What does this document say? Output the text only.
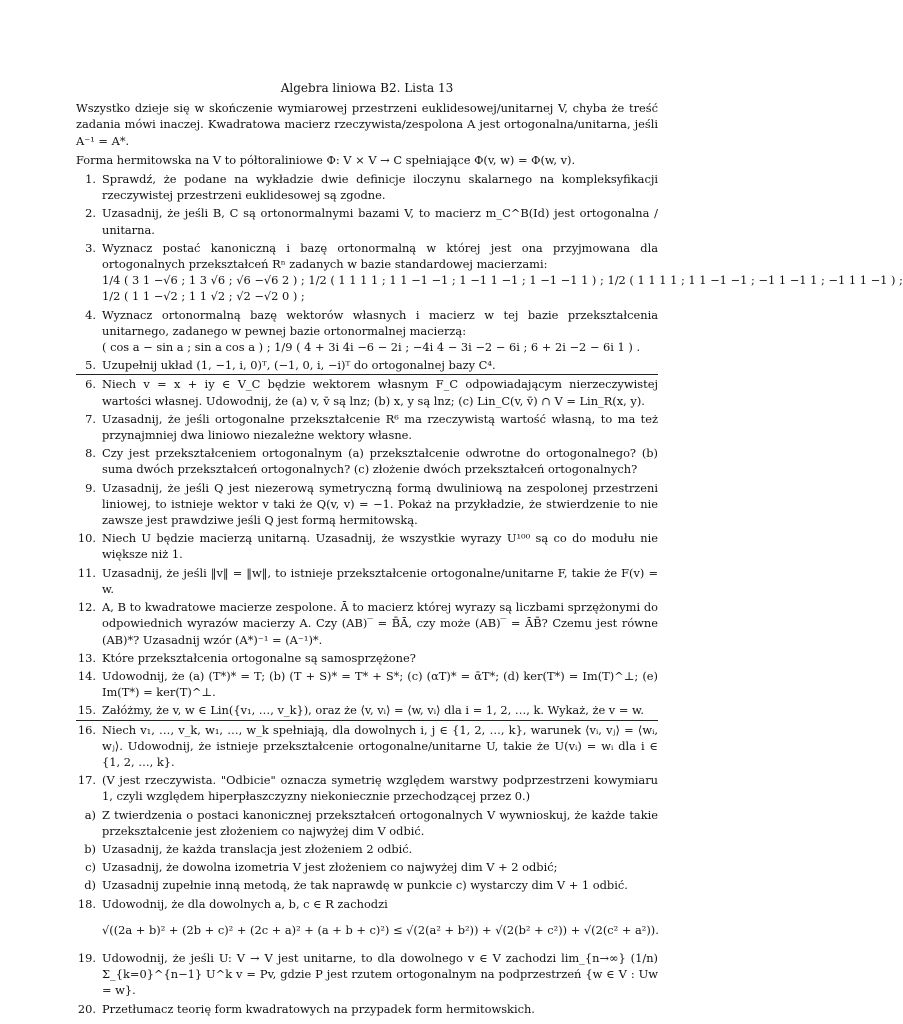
Algebra liniowa B2. Lista 13
Wszystko dzieje się w skończenie wymiarowej przestrzeni euklidesowej/unitarnej V, chyba że treść zadania mówi inaczej. Kwadratowa macierz rzeczywista/zespolona A jest ortogonalna/unitarna, jeśli A⁻¹ = A*.
Forma hermitowska na V to półtoraliniowe Φ: V × V → C spełniające Φ(v, w) = Φ(w, v).
1. Sprawdź, że podane na wykładzie dwie definicje iloczynu skalarnego na kompleksyfikacji rzeczywistej przestrzeni euklidesowej są zgodne.
2. Uzasadnij, że jeśli B, C są ortonormalnymi bazami V, to macierz m_C^B(Id) jest ortogonalna / unitarna.
3. Wyznacz postać kanoniczną i bazę ortonormalną w której jest ona przyjmowana dla ortogonalnych przekształceń Rⁿ zadanych w bazie standardowej macierzami:
1/4 ( 3 1 −√6 ; 1 3 √6 ; √6 −√6 2 ) ; 1/2 ( 1 1 1 1 ; 1 1 −1 −1 ; 1 −1 1 −1 ; 1 −1 −1 1 ) ; 1/2 ( 1 1 1 1 ; 1 1 −1 −1 ; −1 1 −1 1 ; −1 1 1 −1 ) ;
1/2 ( 1 1 −√2 ; 1 1 √2 ; √2 −√2 0 ) ;
4. Wyznacz ortonormalną bazę wektorów własnych i macierz w tej bazie przekształcenia unitarnego, zadanego w pewnej bazie ortonormalnej macierzą:
( cos a − sin a ; sin a cos a ) ; 1/9 ( 4 + 3i 4i −6 − 2i ; −4i 4 − 3i −2 − 6i ; 6 + 2i −2 − 6i 1 ) .
5. Uzupełnij układ (1, −1, i, 0)ᵀ, (−1, 0, i, −i)ᵀ do ortogonalnej bazy C⁴.
6. Niech v = x + iy ∈ V_C będzie wektorem własnym F_C odpowiadającym nierzeczywistej wartości własnej. Udowodnij, że (a) v, v̄ są lnz; (b) x, y są lnz; (c) Lin_C(v, v̄) ∩ V = Lin_R(x, y).
7. Uzasadnij, że jeśli ortogonalne przekształcenie R⁶ ma rzeczywistą wartość własną, to ma też przynajmniej dwa liniowo niezależne wektory własne.
8. Czy jest przekształceniem ortogonalnym (a) przekształcenie odwrotne do ortogonalnego? (b) suma dwóch przekształceń ortogonalnych? (c) złożenie dwóch przekształceń ortogonalnych?
9. Uzasadnij, że jeśli Q jest niezerową symetryczną formą dwuliniową na zespolonej przestrzeni liniowej, to istnieje wektor v taki że Q(v, v) = −1. Pokaż na przykładzie, że stwierdzenie to nie zawsze jest prawdziwe jeśli Q jest formą hermitowską.
10. Niech U będzie macierzą unitarną. Uzasadnij, że wszystkie wyrazy U¹⁰⁰ są co do modułu nie większe niż 1.
11. Uzasadnij, że jeśli ‖v‖ = ‖w‖, to istnieje przekształcenie ortogonalne/unitarne F, takie że F(v) = w.
12. A, B to kwadratowe macierze zespolone. Ā to macierz której wyrazy są liczbami sprzężonymi do odpowiednich wyrazów macierzy A. Czy (AB)‾ = B̄Ā, czy może (AB)‾ = ĀB̄? Czemu jest równe (AB)*? Uzasadnij wzór (A*)⁻¹ = (A⁻¹)*.
13. Które przekształcenia ortogonalne są samosprzężone?
14. Udowodnij, że (a) (T*)* = T; (b) (T + S)* = T* + S*; (c) (αT)* = ᾱT*; (d) ker(T*) = Im(T)^⊥; (e) Im(T*) = ker(T)^⊥.
15. Załóżmy, że v, w ∈ Lin({v₁, …, v_k}), oraz że ⟨v, vᵢ⟩ = ⟨w, vᵢ⟩ dla i = 1, 2, …, k. Wykaż, że v = w.
16. Niech v₁, …, v_k, w₁, …, w_k spełniają, dla dowolnych i, j ∈ {1, 2, …, k}, warunek ⟨vᵢ, vⱼ⟩ = ⟨wᵢ, wⱼ⟩. Udowodnij, że istnieje przekształcenie ortogonalne/unitarne U, takie że U(vᵢ) = wᵢ dla i ∈ {1, 2, …, k}.
17. (V jest rzeczywista. "Odbicie" oznacza symetrię względem warstwy podprzestrzeni kowymiaru 1, czyli względem hiperpłaszczyzny niekoniecznie przechodzącej przez 0.)
a) Z twierdzenia o postaci kanonicznej przekształceń ortogonalnych V wywnioskuj, że każde takie przekształcenie jest złożeniem co najwyżej dim V odbić.
b) Uzasadnij, że każda translacja jest złożeniem 2 odbić.
c) Uzasadnij, że dowolna izometria V jest złożeniem co najwyżej dim V + 2 odbić;
d) Uzasadnij zupełnie inną metodą, że tak naprawdę w punkcie c) wystarczy dim V + 1 odbić.
18. Udowodnij, że dla dowolnych a, b, c ∈ R zachodzi
√((2a + b)² + (2b + c)² + (2c + a)² + (a + b + c)²) ≤ √(2(a² + b²)) + √(2(b² + c²)) + √(2(c² + a²)).
19. Udowodnij, że jeśli U: V → V jest unitarne, to dla dowolnego v ∈ V zachodzi lim_{n→∞} (1/n) Σ_{k=0}^{n−1} U^k v = Pv, gdzie P jest rzutem ortogonalnym na podprzestrzeń {w ∈ V : Uw = w}.
20. Przetłumacz teorię form kwadratowych na przypadek form hermitowskich.
